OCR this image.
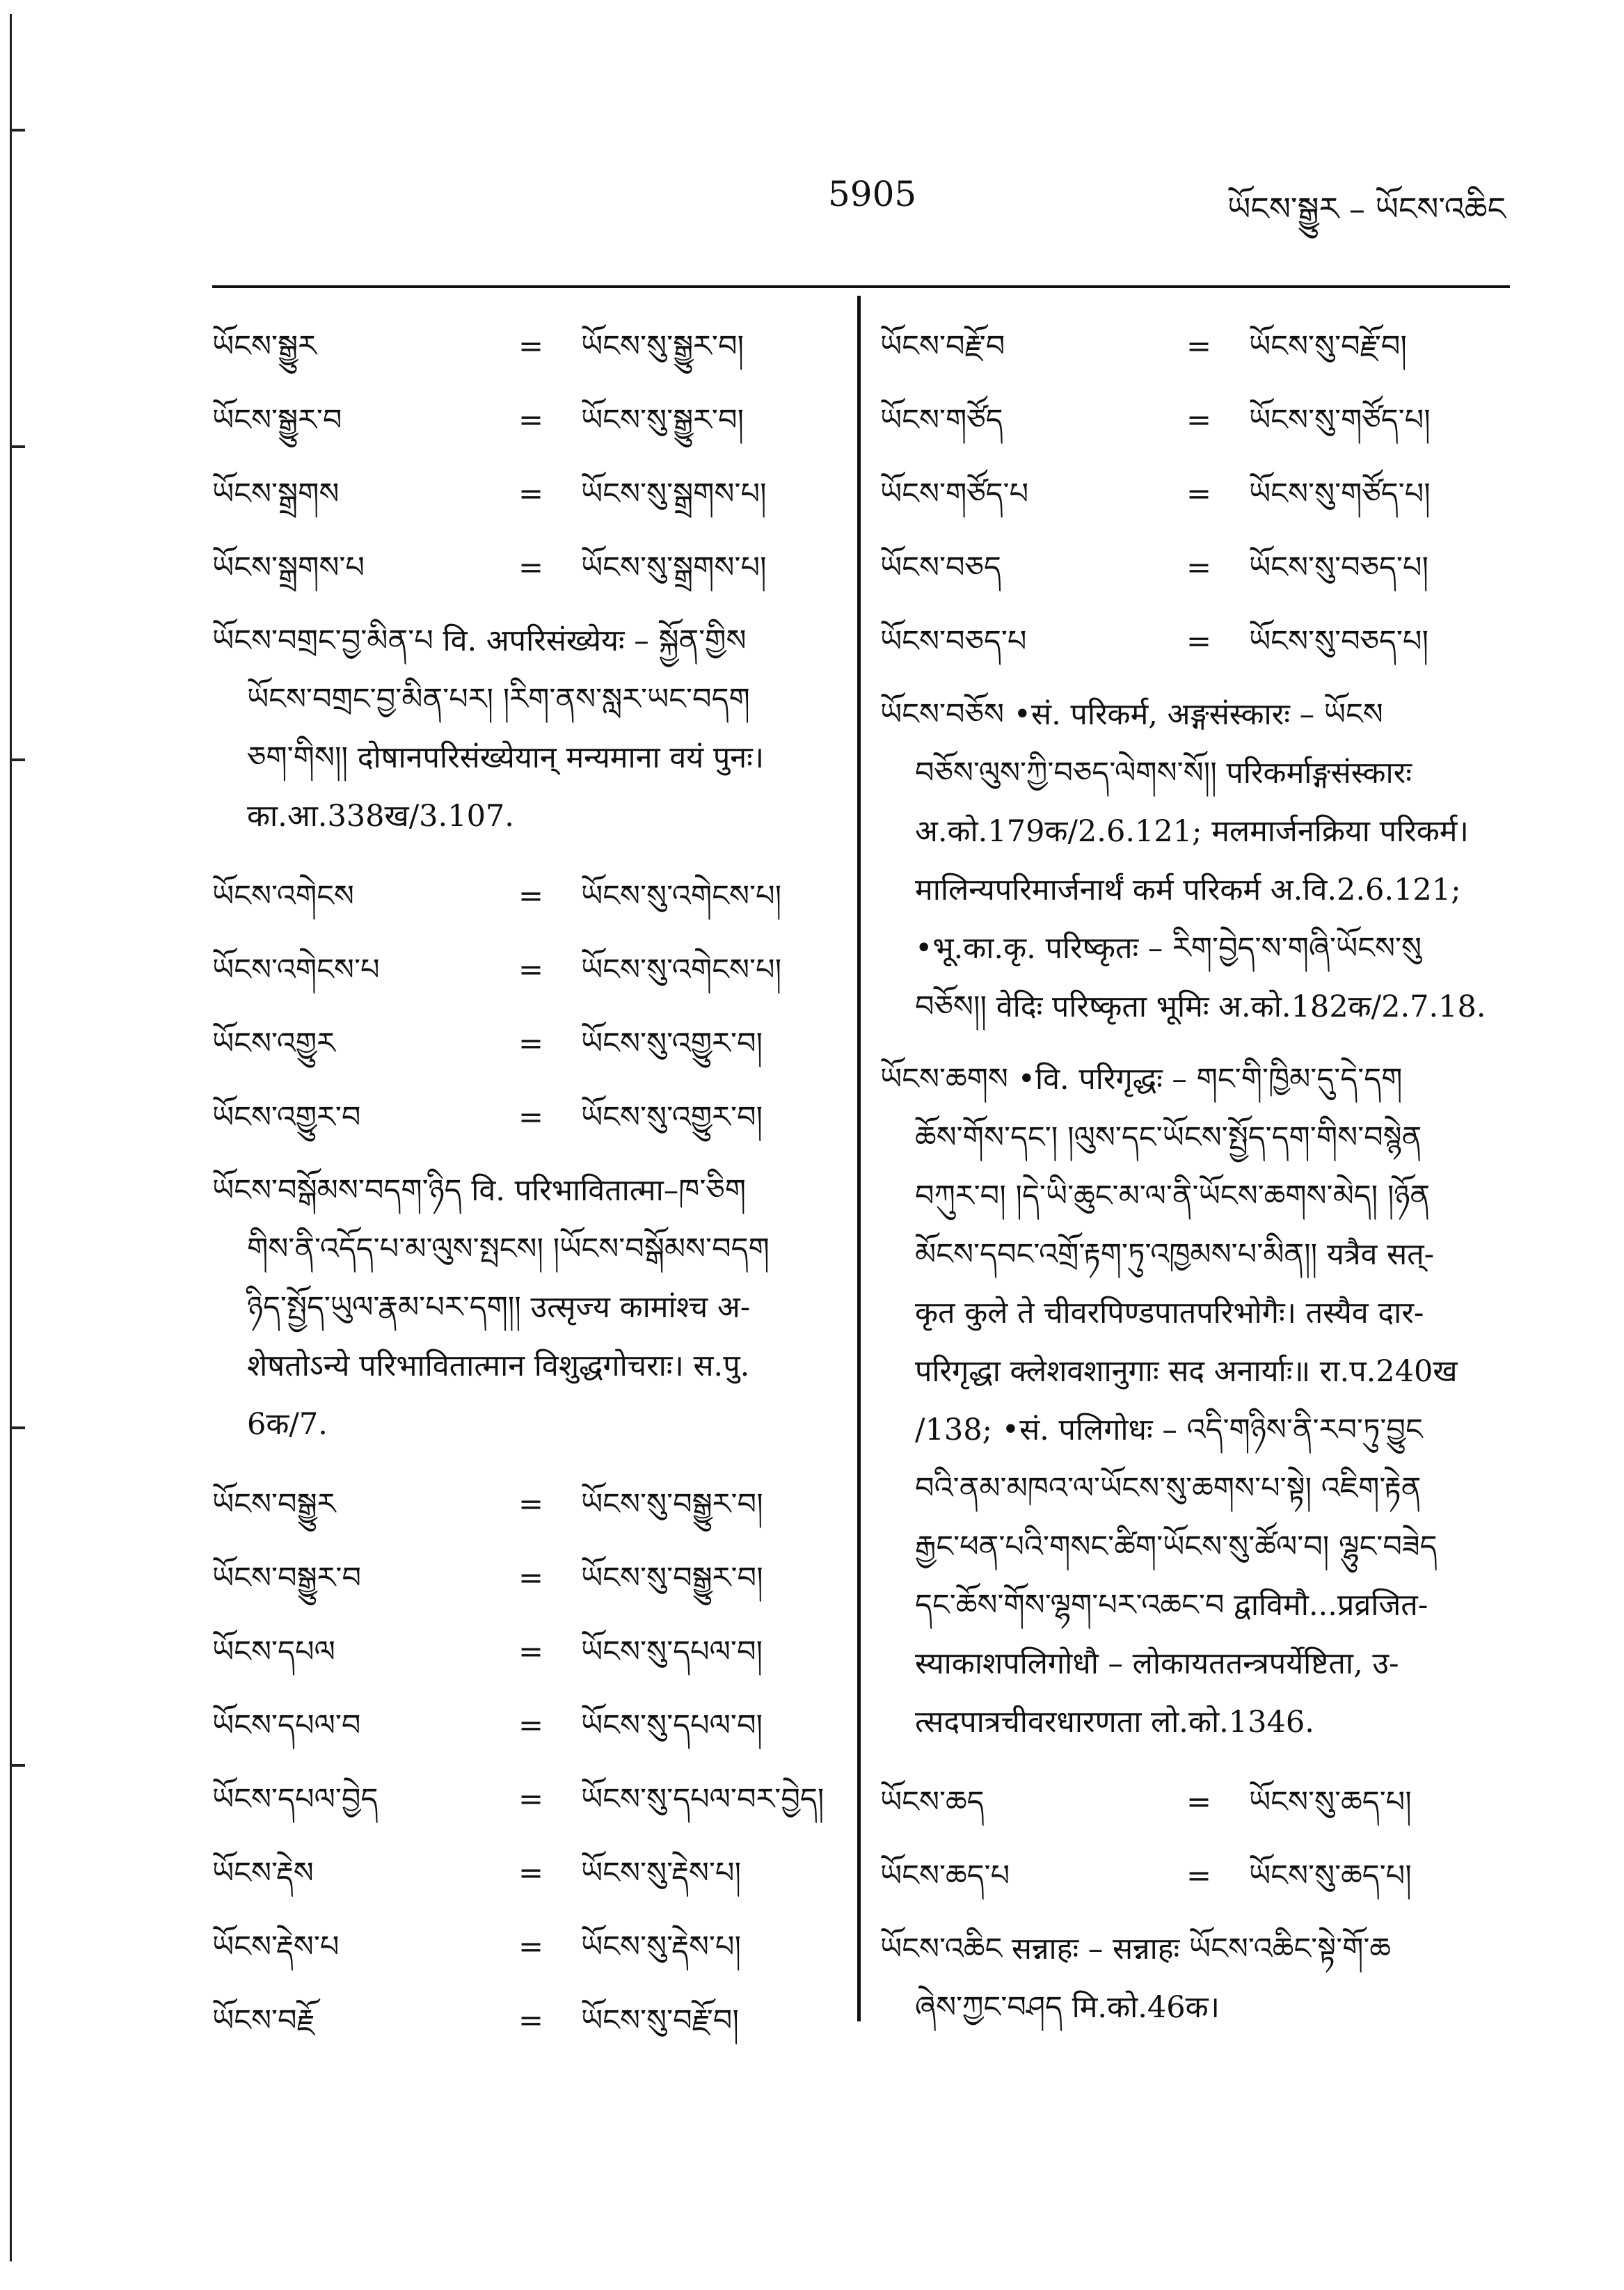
5905	ཡོངས་སྒྱུར – ཡོངས་འཆིང
ཡོངས་སྒྱུར	=	ཡོངས་སུ་སྒྱུར་བ།
ཡོངས་སྒྱུར་བ	=	ཡོངས་སུ་སྒྱུར་བ།
ཡོངས་སྒྲགས	=	ཡོངས་སུ་སྒྲགས་པ།
ཡོངས་སྒྲགས་པ	=	ཡོངས་སུ་སྒྲགས་པ།
ཡོངས་བགྲང་བྱ་མིན་པ वि. अपरिसंख्येयः – སྐྱོན་གྱིས
ཡོངས་བགྲང་བྱ་མིན་པར། །རིག་ནས་སླར་ཡང་བདག
ཅག་གིས།། दोषानपरिसंख्येयान् मन्यमाना वयं पुनः।
का.आ.338ख/3.107.
ཡོངས་འགེངས	=	ཡོངས་སུ་འགེངས་པ།
ཡོངས་འགེངས་པ	=	ཡོངས་སུ་འགེངས་པ།
ཡོངས་འགྱུར	=	ཡོངས་སུ་འགྱུར་བ།
ཡོངས་འགྱུར་བ	=	ཡོངས་སུ་འགྱུར་བ།
ཡོངས་བསྒོམས་བདག་ཉིད वि. परिभावितात्मा–ཁ་ཅིག
གིས་ནི་འདོད་པ་མ་ལུས་སྤངས། །ཡོངས་བསྒོམས་བདག
ཉིད་སྤྱོད་ཡུལ་རྣམ་པར་དག།། उत्सृज्य कामांश्च अ-
शेषतोऽन्ये परिभावितात्मान विशुद्धगोचराः। स.पु.
6क/7.
ཡོངས་བསྒྱུར	=	ཡོངས་སུ་བསྒྱུར་བ།
ཡོངས་བསྒྱུར་བ	=	ཡོངས་སུ་བསྒྱུར་བ།
ཡོངས་དཔལ	=	ཡོངས་སུ་དཔལ་བ།
ཡོངས་དཔལ་བ	=	ཡོངས་སུ་དཔལ་བ།
ཡོངས་དཔལ་བྱེད	=	ཡོངས་སུ་དཔལ་བར་བྱེད།
ཡོངས་རྡེས	=	ཡོངས་སུ་རྡེས་པ།
ཡོངས་རྡེས་པ	=	ཡོངས་སུ་རྡེས་པ།
ཡོངས་བརྗོ	=	ཡོངས་སུ་བརྗོ་བ།
ཡོངས་བརྗོ་བ	=	ཡོངས་སུ་བརྗོ་བ།
ཡོངས་གཙོད	=	ཡོངས་སུ་གཙོད་པ།
ཡོངས་གཙོད་པ	=	ཡོངས་སུ་གཙོད་པ།
ཡོངས་བཅད	=	ཡོངས་སུ་བཅད་པ།
ཡོངས་བཅད་པ	=	ཡོངས་སུ་བཅད་པ།
ཡོངས་བཅོས •सं. परिकर्म, अङ्गसंस्कारः – ཡོངས
བཅོས་ལུས་ཀྱི་བཅད་ལེགས་སོ།། परिकर्माङ्गसंस्कारः
अ.को.179क/2.6.121; मलमार्जनक्रिया परिकर्म।
मालिन्यपरिमार्जनार्थं कर्म परिकर्म अ.वि.2.6.121;
•भू.का.कृ. परिष्कृतः – རིག་བྱེད་ས་གཞི་ཡོངས་སུ
བཅོས།། वेदिः परिष्कृता भूमिः अ.को.182क/2.7.18.
ཡོངས་ཆགས •वि. परिगृद्धः – གང་གི་ཁྱིམ་དུ་དེ་དག
ཆོས་གོས་དང་། །ལུས་དང་ཡོངས་སྤྱོད་དག་གིས་བསྙེན
བཀུར་བ། །དེ་ཡི་ཆུང་མ་ལ་ནི་ཡོངས་ཆགས་མེད། །ཉོན
མོངས་དབང་འགྲོ་རྟག་ཏུ་འཁྱམས་པ་མིན།། यत्रैव सत्-
कृत कुले ते चीवरपिण्डपातपरिभोगैः। तस्यैव दार-
परिगृद्धा क्लेशवशानुगाः सद अनार्याः॥ रा.प.240ख
/138; •सं. पलिगोधः – འདི་གཉིས་ནི་རབ་ཏུ་བྱུང
བའི་ནམ་མཁའ་ལ་ཡོངས་སུ་ཆགས་པ་སྟེ། འཇིག་རྟེན
རྒྱང་ཕན་པའི་གསང་ཚིག་ཡོངས་སུ་ཚོལ་བ། ལྷུང་བཟེད
དང་ཆོས་གོས་ལྷག་པར་འཆང་བ द्वाविमौ...प्रव्रजित-
स्याकाशपलिगोधौ – लोकायततन्त्रपर्येष्टिता, उ-
त्सदपात्रचीवरधारणता लो.को.1346.
ཡོངས་ཆད	=	ཡོངས་སུ་ཆད་པ།
ཡོངས་ཆད་པ	=	ཡོངས་སུ་ཆད་པ།
ཡོངས་འཆིང सन्नाहः – सन्नाहः ཡོངས་འཆིང་སྟེ་གོ་ཆ
ཞེས་ཀྱང་བཤད मि.को.46क।
